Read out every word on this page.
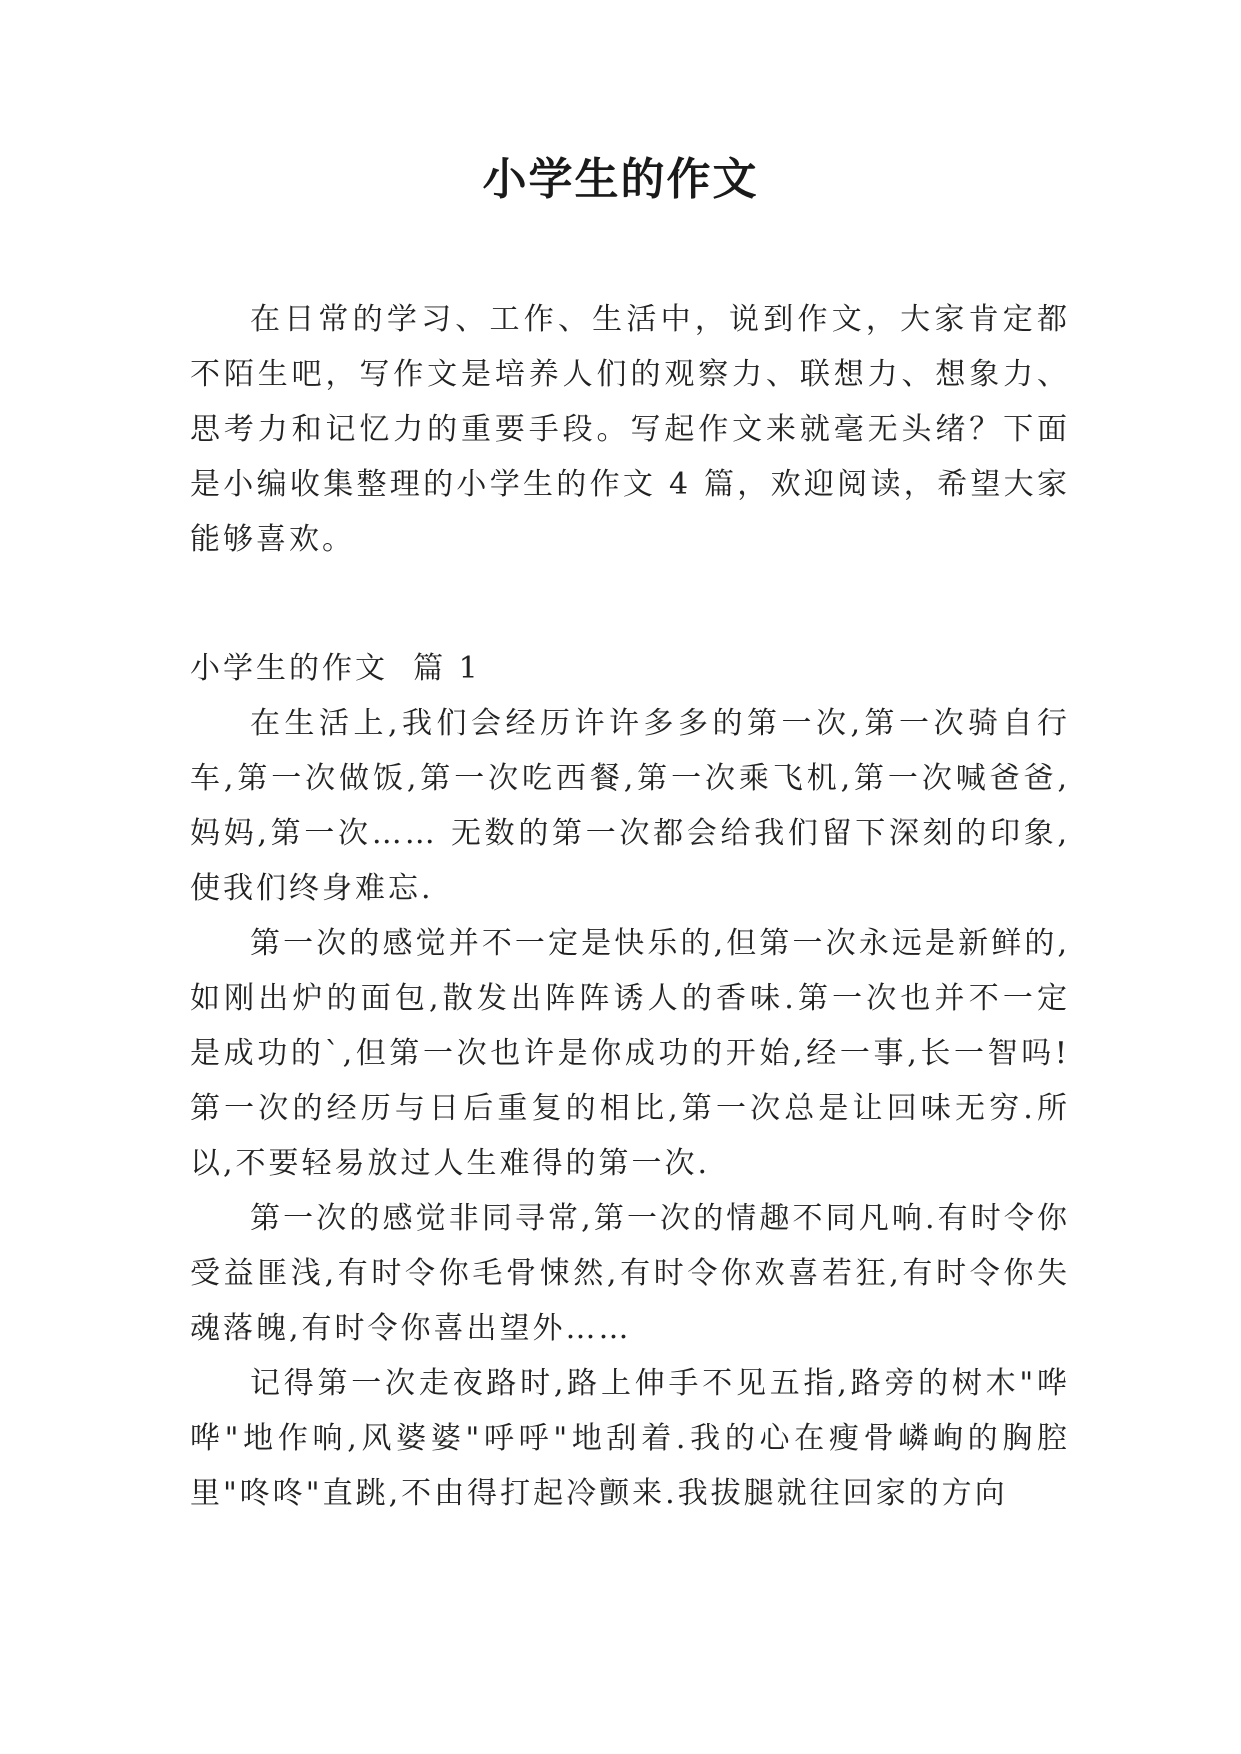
小学生的作文

在日常的学习、工作、生活中，说到作文，大家肯定都不陌生吧，写作文是培养人们的观察力、联想力、想象力、思考力和记忆力的重要手段。写起作文来就毫无头绪？下面是小编收集整理的小学生的作文 4 篇，欢迎阅读，希望大家能够喜欢。

小学生的作文  篇 1

在生活上,我们会经历许许多多的第一次,第一次骑自行车,第一次做饭,第一次吃西餐,第一次乘飞机,第一次喊爸爸,妈妈,第一次…… 无数的第一次都会给我们留下深刻的印象,使我们终身难忘.

第一次的感觉并不一定是快乐的,但第一次永远是新鲜的,如刚出炉的面包,散发出阵阵诱人的香味.第一次也并不一定是成功的`,但第一次也许是你成功的开始,经一事,长一智吗!第一次的经历与日后重复的相比,第一次总是让回味无穷.所以,不要轻易放过人生难得的第一次.

第一次的感觉非同寻常,第一次的情趣不同凡响.有时令你受益匪浅,有时令你毛骨悚然,有时令你欢喜若狂,有时令你失魂落魄,有时令你喜出望外……

记得第一次走夜路时,路上伸手不见五指,路旁的树木"哗哗"地作响,风婆婆"呼呼"地刮着.我的心在瘦骨嶙峋的胸腔里"咚咚"直跳,不由得打起冷颤来.我拔腿就往回家的方向
